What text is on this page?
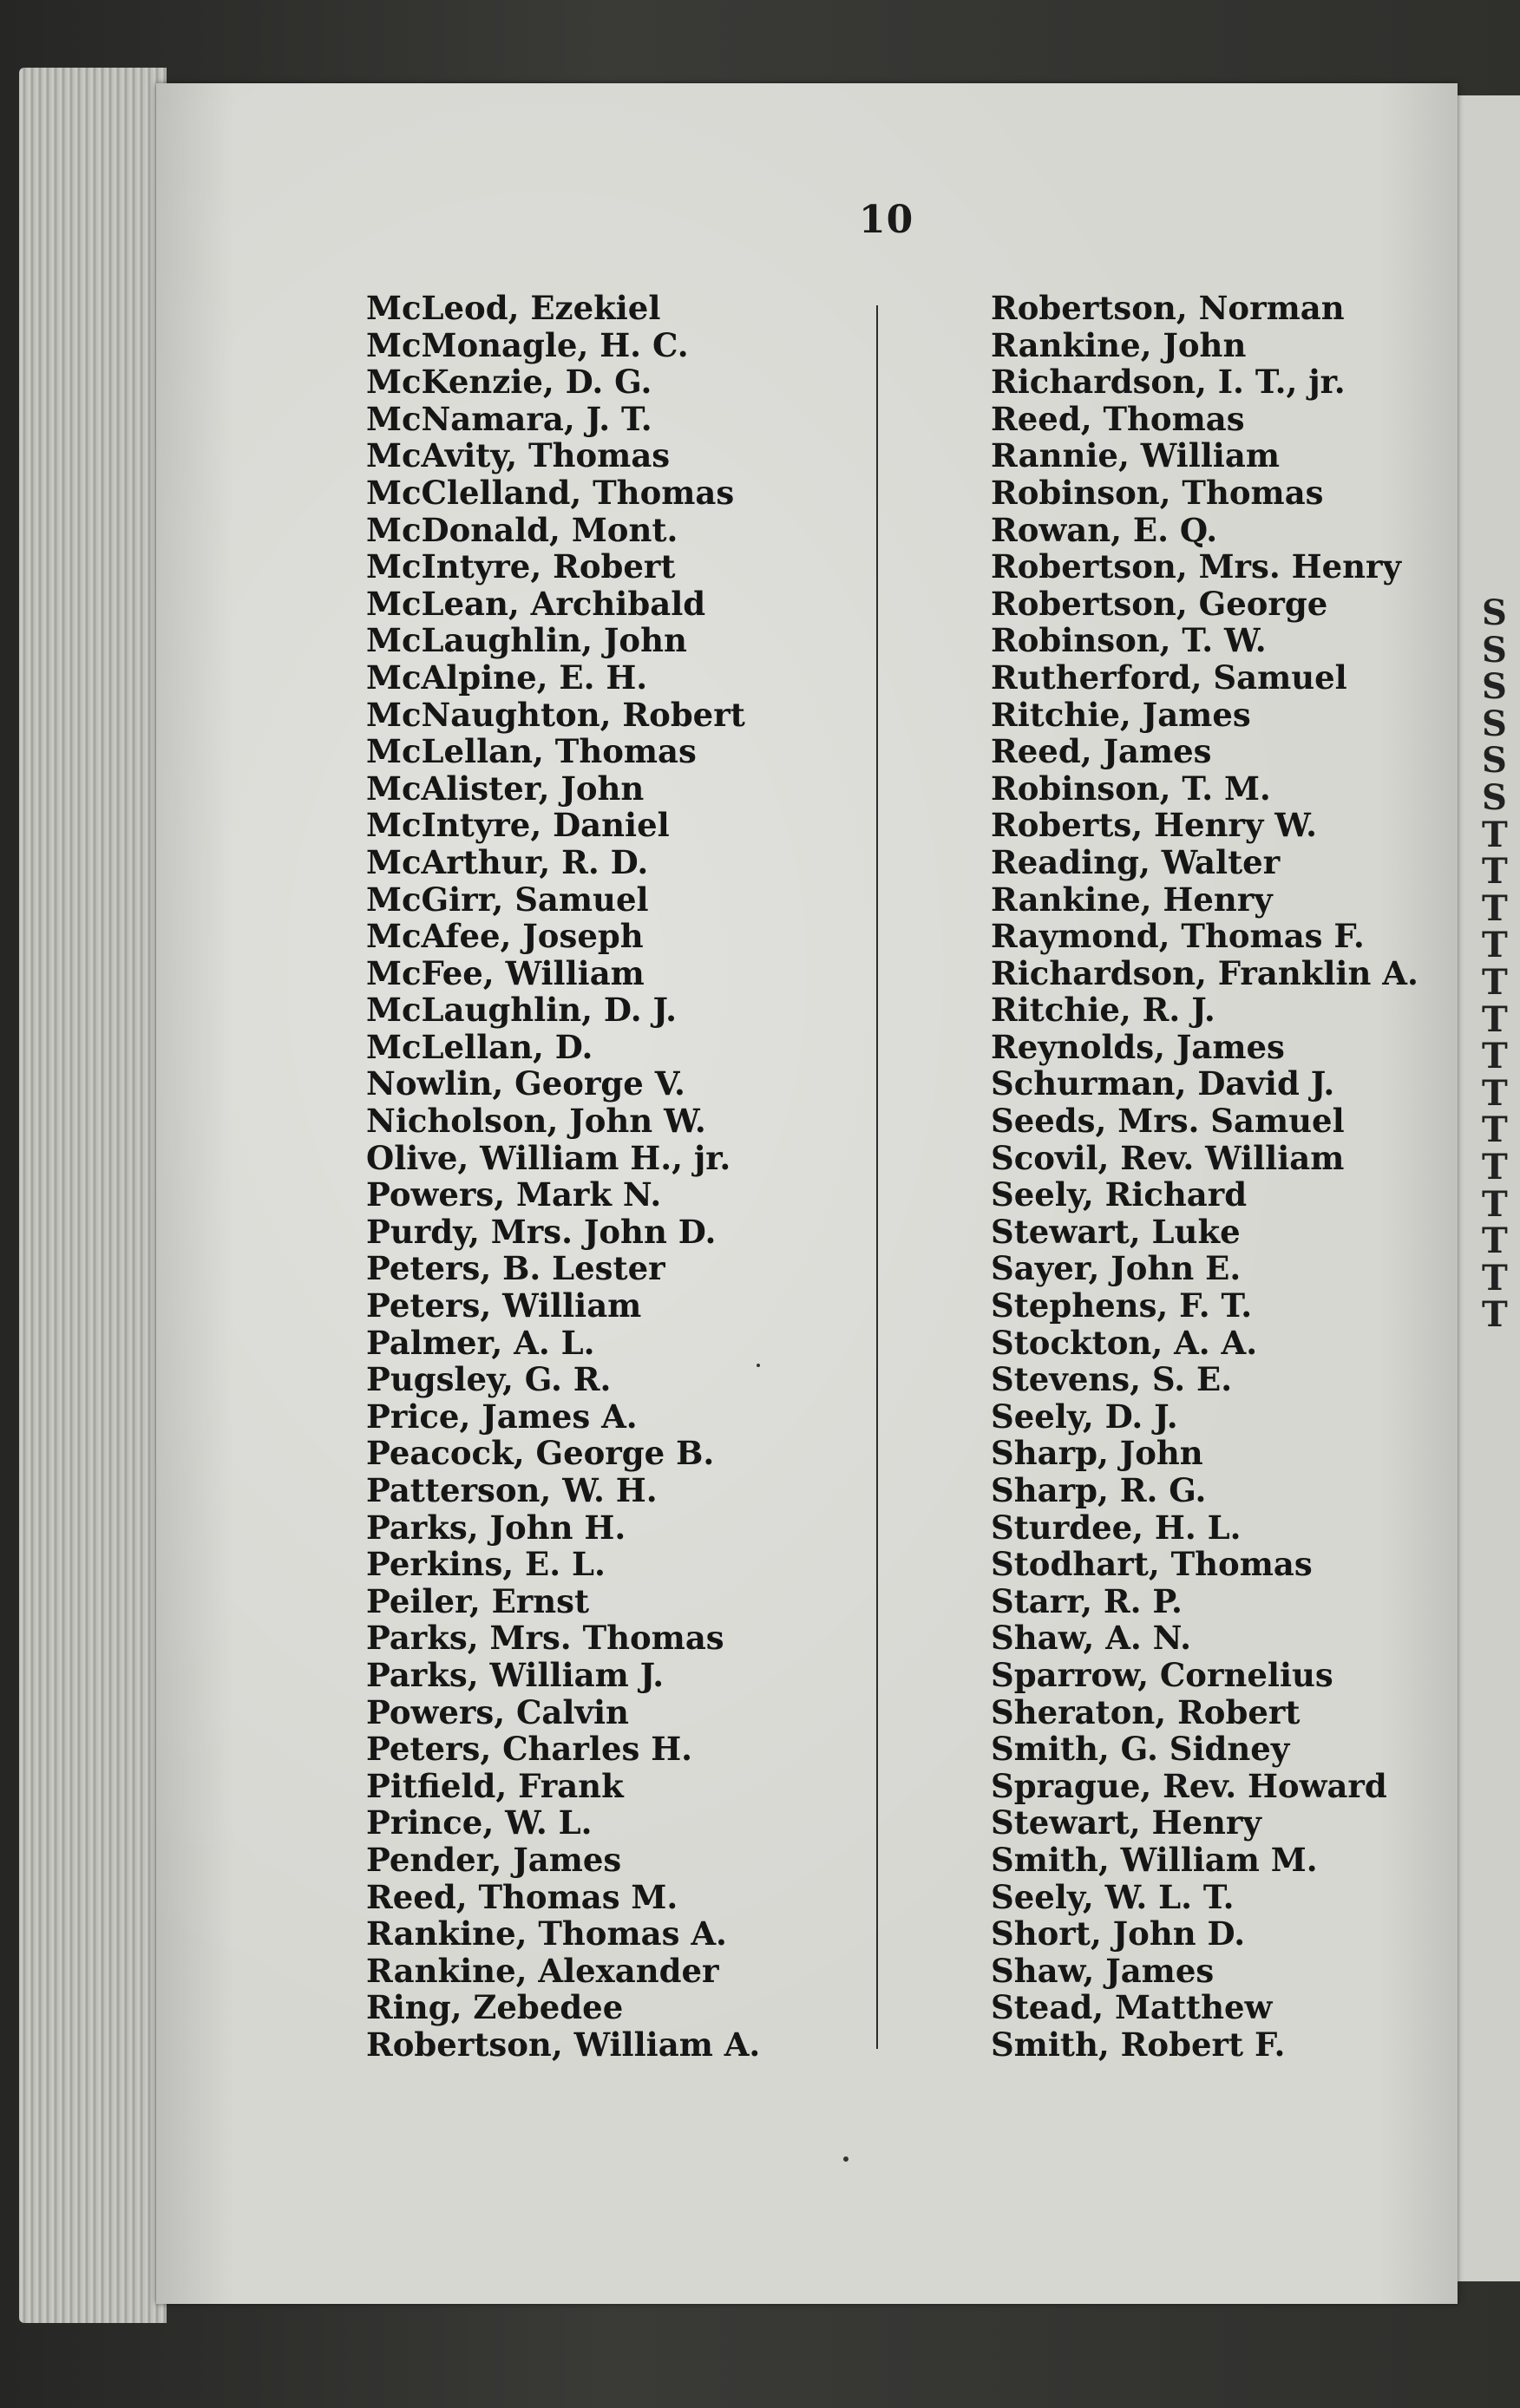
S
S
S
S
S
S
T
T
T
T
T
T
T
T
T
T
T
T
T
T
10
McLeod, Ezekiel
McMonagle, H. C.
McKenzie, D. G.
McNamara, J. T.
McAvity, Thomas
McClelland, Thomas
McDonald, Mont.
McIntyre, Robert
McLean, Archibald
McLaughlin, John
McAlpine, E. H.
McNaughton, Robert
McLellan, Thomas
McAlister, John
McIntyre, Daniel
McArthur, R. D.
McGirr, Samuel
McAfee, Joseph
McFee, William
McLaughlin, D. J.
McLellan, D.
Nowlin, George V.
Nicholson, John W.
Olive, William H., jr.
Powers, Mark N.
Purdy, Mrs. John D.
Peters, B. Lester
Peters, William
Palmer, A. L.
Pugsley, G. R.
Price, James A.
Peacock, George B.
Patterson, W. H.
Parks, John H.
Perkins, E. L.
Peiler, Ernst
Parks, Mrs. Thomas
Parks, William J.
Powers, Calvin
Peters, Charles H.
Pitfield, Frank
Prince, W. L.
Pender, James
Reed, Thomas M.
Rankine, Thomas A.
Rankine, Alexander
Ring, Zebedee
Robertson, William A.
Robertson, Norman
Rankine, John
Richardson, I. T., jr.
Reed, Thomas
Rannie, William
Robinson, Thomas
Rowan, E. Q.
Robertson, Mrs. Henry
Robertson, George
Robinson, T. W.
Rutherford, Samuel
Ritchie, James
Reed, James
Robinson, T. M.
Roberts, Henry W.
Reading, Walter
Rankine, Henry
Raymond, Thomas F.
Richardson, Franklin A.
Ritchie, R. J.
Reynolds, James
Schurman, David J.
Seeds, Mrs. Samuel
Scovil, Rev. William
Seely, Richard
Stewart, Luke
Sayer, John E.
Stephens, F. T.
Stockton, A. A.
Stevens, S. E.
Seely, D. J.
Sharp, John
Sharp, R. G.
Sturdee, H. L.
Stodhart, Thomas
Starr, R. P.
Shaw, A. N.
Sparrow, Cornelius
Sheraton, Robert
Smith, G. Sidney
Sprague, Rev. Howard
Stewart, Henry
Smith, William M.
Seely, W. L. T.
Short, John D.
Shaw, James
Stead, Matthew
Smith, Robert F.
